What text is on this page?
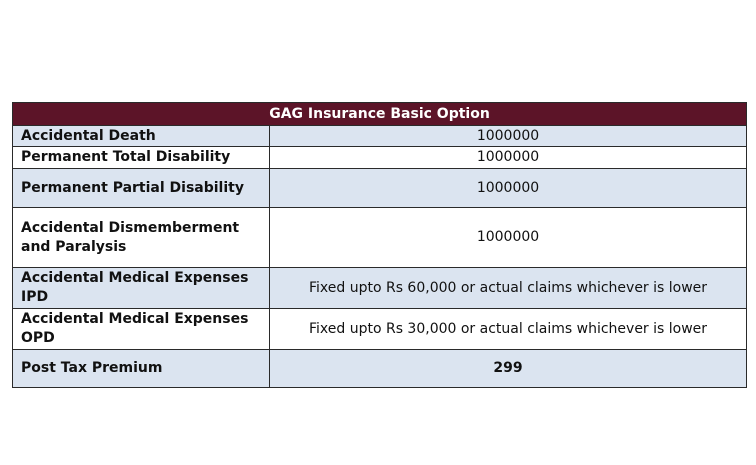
GAG Insurance Basic Option	
Accidental Death	1000000
Permanent Total Disability	1000000
Permanent Partial Disability	1000000
Accidental Dismemberment and Paralysis	1000000
Accidental Medical Expenses IPD	Fixed upto Rs 60,000 or actual claims whichever is lower
Accidental Medical Expenses OPD	Fixed upto Rs 30,000 or actual claims whichever is lower
Post Tax Premium	299
